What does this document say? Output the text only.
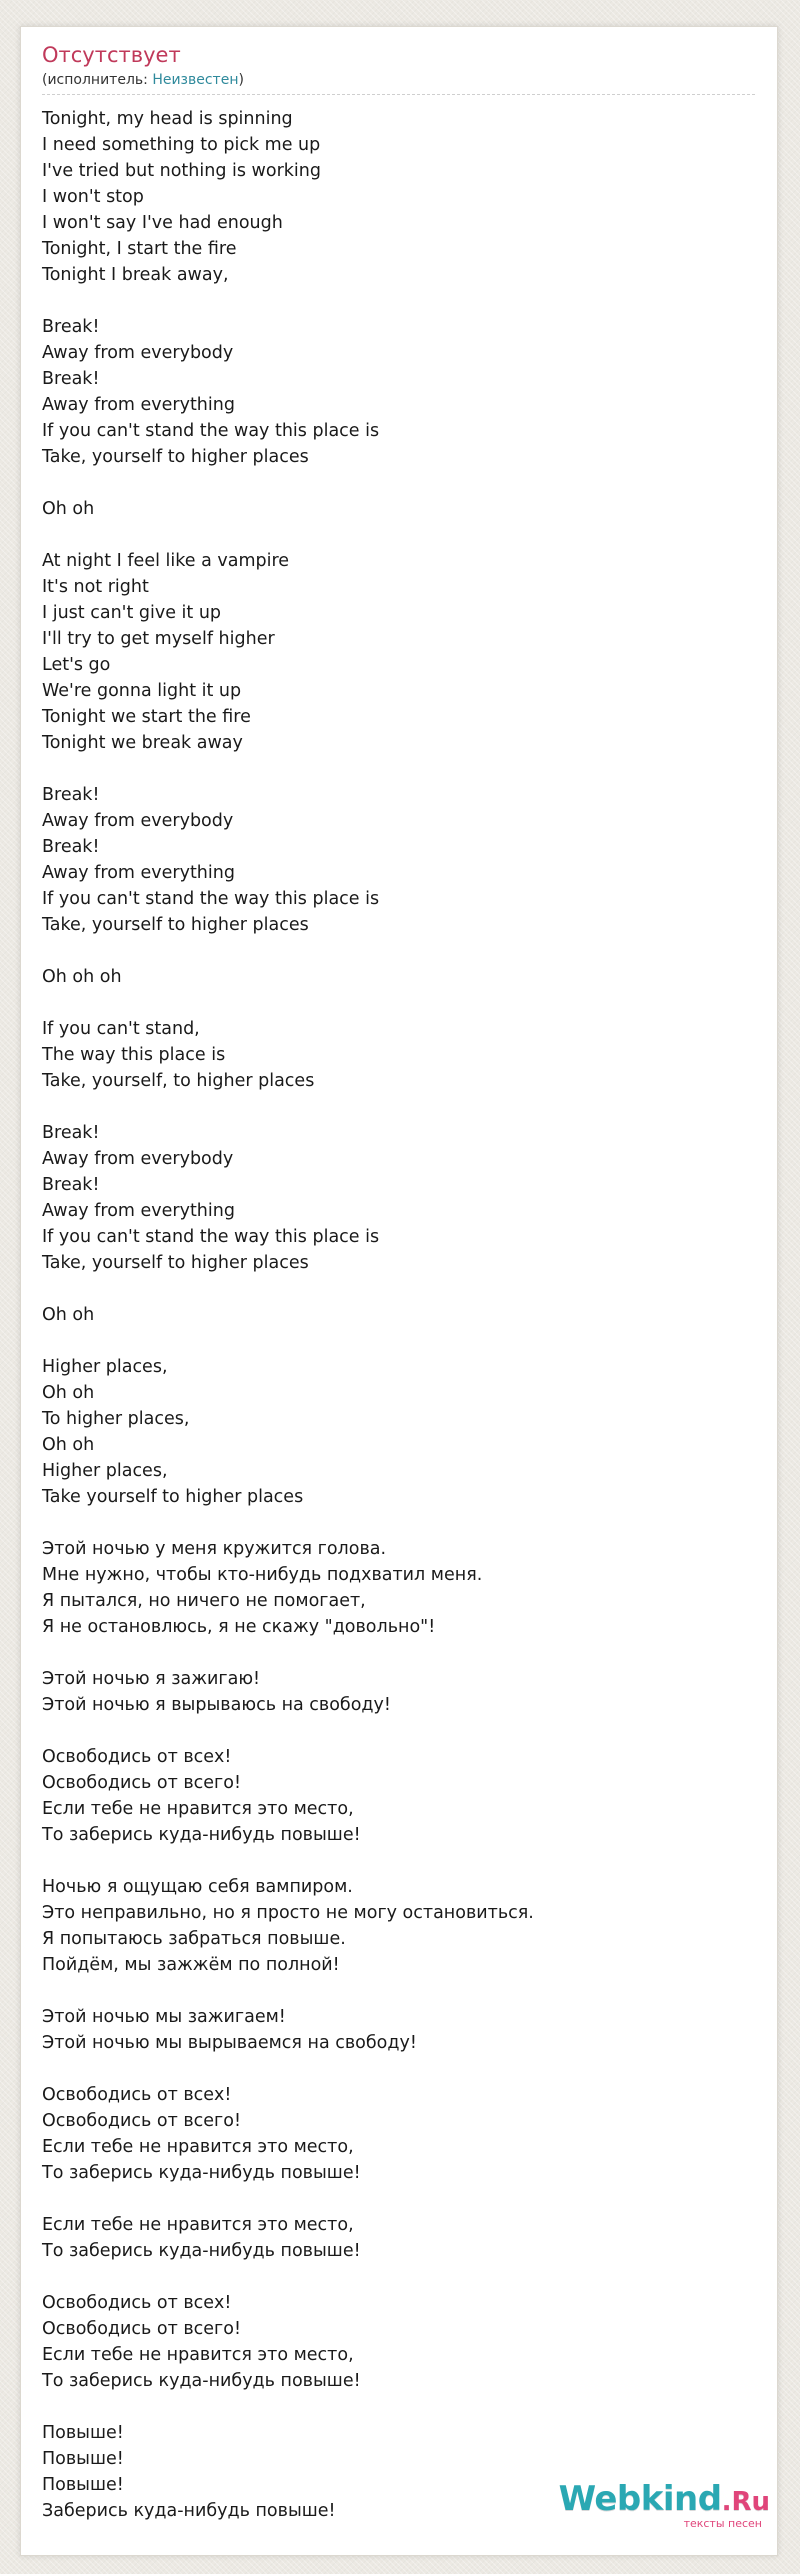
Отсутствует
(исполнитель: Неизвестен)
Tonight, my head is spinning
I need something to pick me up
I've tried but nothing is working
I won't stop
I won't say I've had enough
Tonight, I start the fire
Tonight I break away,
Break!
Away from everybody
Break!
Away from everything
If you can't stand the way this place is
Take, yourself to higher places
Oh oh
At night I feel like a vampire
It's not right
I just can't give it up
I'll try to get myself higher
Let's go
We're gonna light it up
Tonight we start the fire
Tonight we break away
Break!
Away from everybody
Break!
Away from everything
If you can't stand the way this place is
Take, yourself to higher places
Oh oh oh
If you can't stand,
The way this place is
Take, yourself, to higher places
Break!
Away from everybody
Break!
Away from everything
If you can't stand the way this place is
Take, yourself to higher places
Oh oh
Higher places,
Oh oh
To higher places,
Oh oh
Higher places,
Take yourself to higher places
Этой ночью у меня кружится голова.
Мне нужно, чтобы кто-нибудь подхватил меня.
Я пытался, но ничего не помогает,
Я не остановлюсь, я не скажу "довольно"!
Этой ночью я зажигаю!
Этой ночью я вырываюсь на свободу!
Освободись от всех!
Освободись от всего!
Если тебе не нравится это место,
То заберись куда-нибудь повыше!
Ночью я ощущаю себя вампиром.
Это неправильно, но я просто не могу остановиться.
Я попытаюсь забраться повыше.
Пойдём, мы зажжём по полной!
Этой ночью мы зажигаем!
Этой ночью мы вырываемся на свободу!
Освободись от всех!
Освободись от всего!
Если тебе не нравится это место,
То заберись куда-нибудь повыше!
Если тебе не нравится это место,
То заберись куда-нибудь повыше!
Освободись от всех!
Освободись от всего!
Если тебе не нравится это место,
То заберись куда-нибудь повыше!
Повыше!
Повыше!
Повыше!
Заберись куда-нибудь повыше!	Webkind.Ru
тексты песен
